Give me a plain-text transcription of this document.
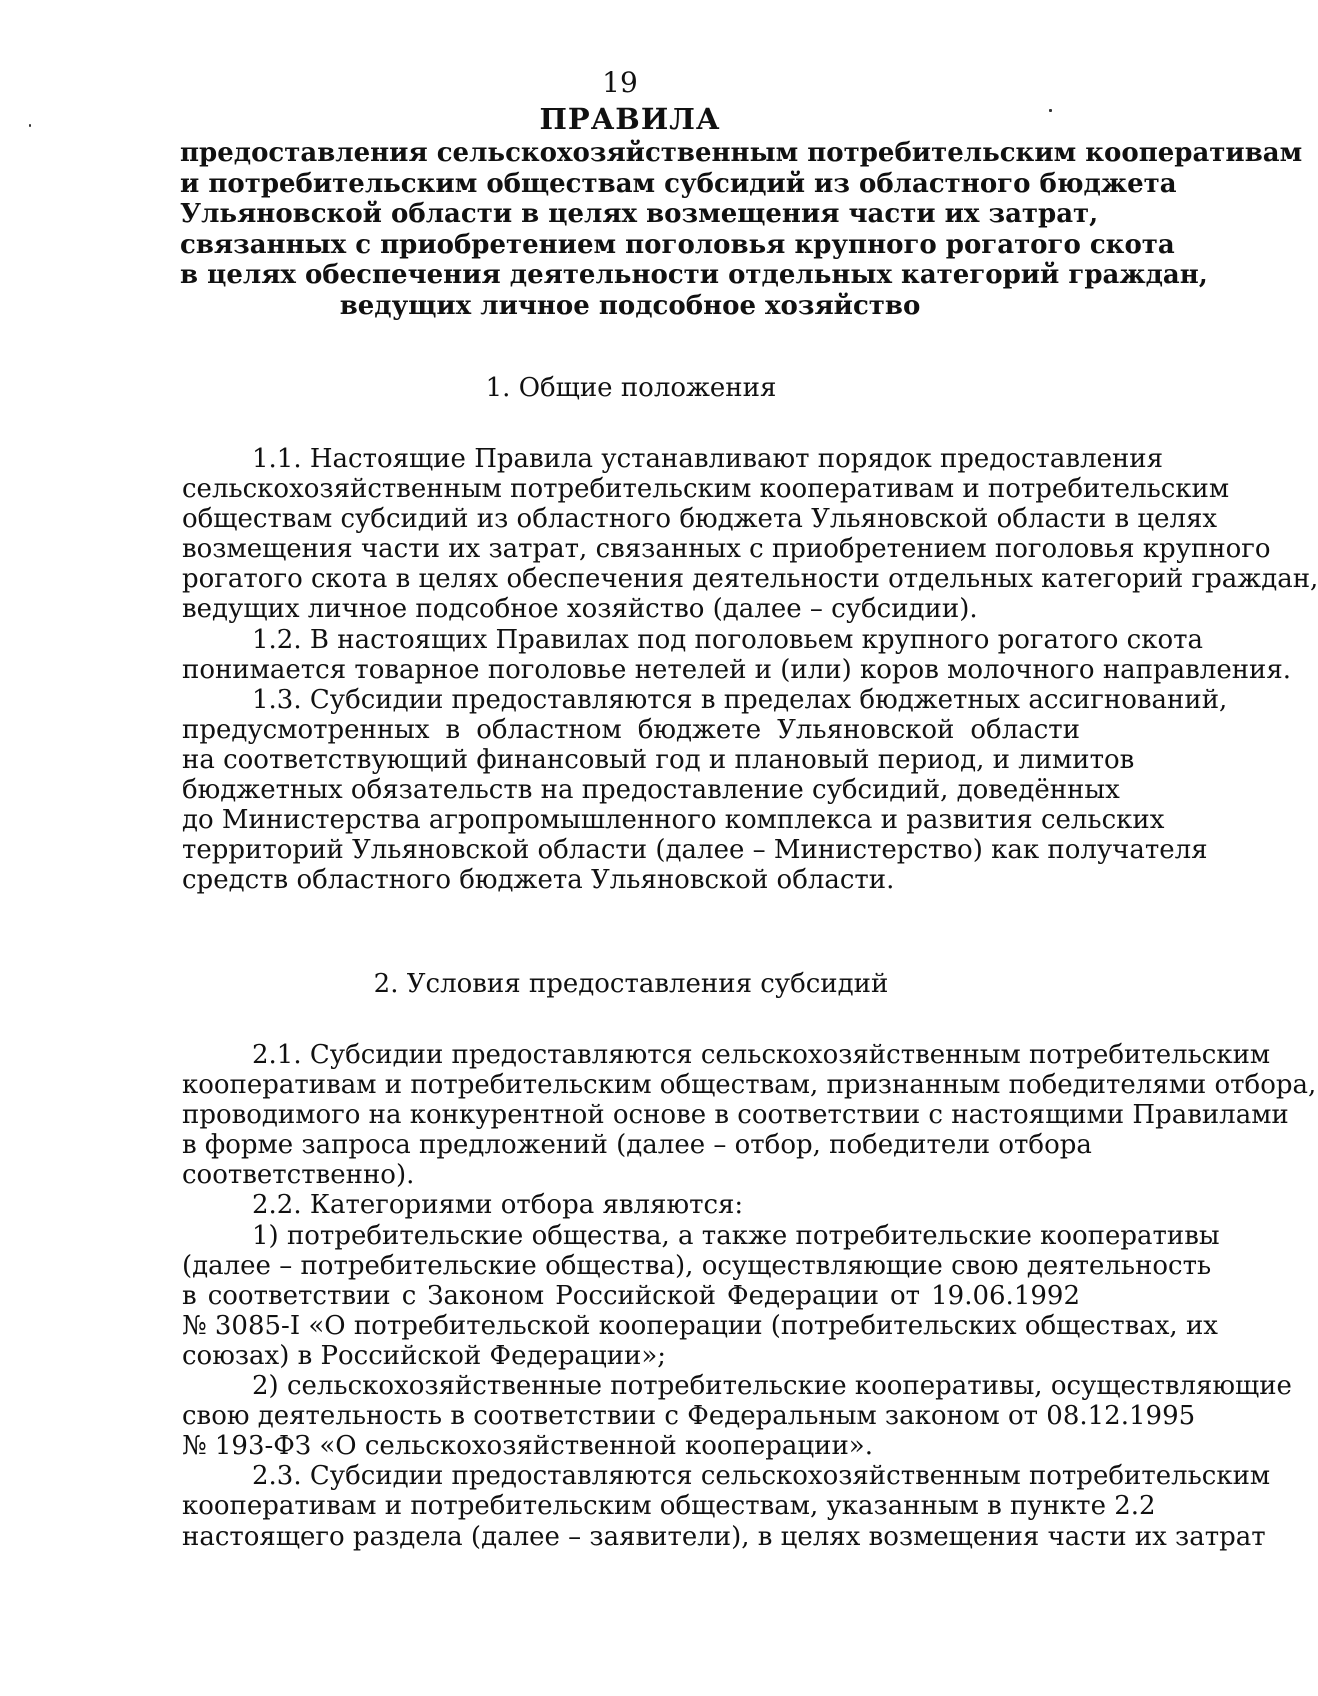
19
ПРАВИЛА
предоставления сельскохозяйственным потребительским кооперативам
и потребительским обществам субсидий из областного бюджета
Ульяновской области в целях возмещения части их затрат,
связанных с приобретением поголовья крупного рогатого скота
в целях обеспечения деятельности отдельных категорий граждан,
ведущих личное подсобное хозяйство
1. Общие положения
1.1. Настоящие Правила устанавливают порядок предоставления
сельскохозяйственным потребительским кооперативам и потребительским
обществам субсидий из областного бюджета Ульяновской области в целях
возмещения части их затрат, связанных с приобретением поголовья крупного
рогатого скота в целях обеспечения деятельности отдельных категорий граждан,
ведущих личное подсобное хозяйство (далее – субсидии).
1.2. В настоящих Правилах под поголовьем крупного рогатого скота
понимается товарное поголовье нетелей и (или) коров молочного направления.
1.3. Субсидии предоставляются в пределах бюджетных ассигнований,
предусмотренных в областном бюджете Ульяновской области
на соответствующий финансовый год и плановый период, и лимитов
бюджетных обязательств на предоставление субсидий, доведённых
до Министерства агропромышленного комплекса и развития сельских
территорий Ульяновской области (далее – Министерство) как получателя
средств областного бюджета Ульяновской области.
2. Условия предоставления субсидий
2.1. Субсидии предоставляются сельскохозяйственным потребительским
кооперативам и потребительским обществам, признанным победителями отбора,
проводимого на конкурентной основе в соответствии с настоящими Правилами
в форме запроса предложений (далее – отбор, победители отбора
соответственно).
2.2. Категориями отбора являются:
1) потребительские общества, а также потребительские кооперативы
(далее – потребительские общества), осуществляющие свою деятельность
в соответствии с Законом Российской Федерации от 19.06.1992
№ 3085-I «О потребительской кооперации (потребительских обществах, их
союзах) в Российской Федерации»;
2) сельскохозяйственные потребительские кооперативы, осуществляющие
свою деятельность в соответствии с Федеральным законом от 08.12.1995
№ 193-ФЗ «О сельскохозяйственной кооперации».
2.3. Субсидии предоставляются сельскохозяйственным потребительским
кооперативам и потребительским обществам, указанным в пункте 2.2
настоящего раздела (далее – заявители), в целях возмещения части их затрат
